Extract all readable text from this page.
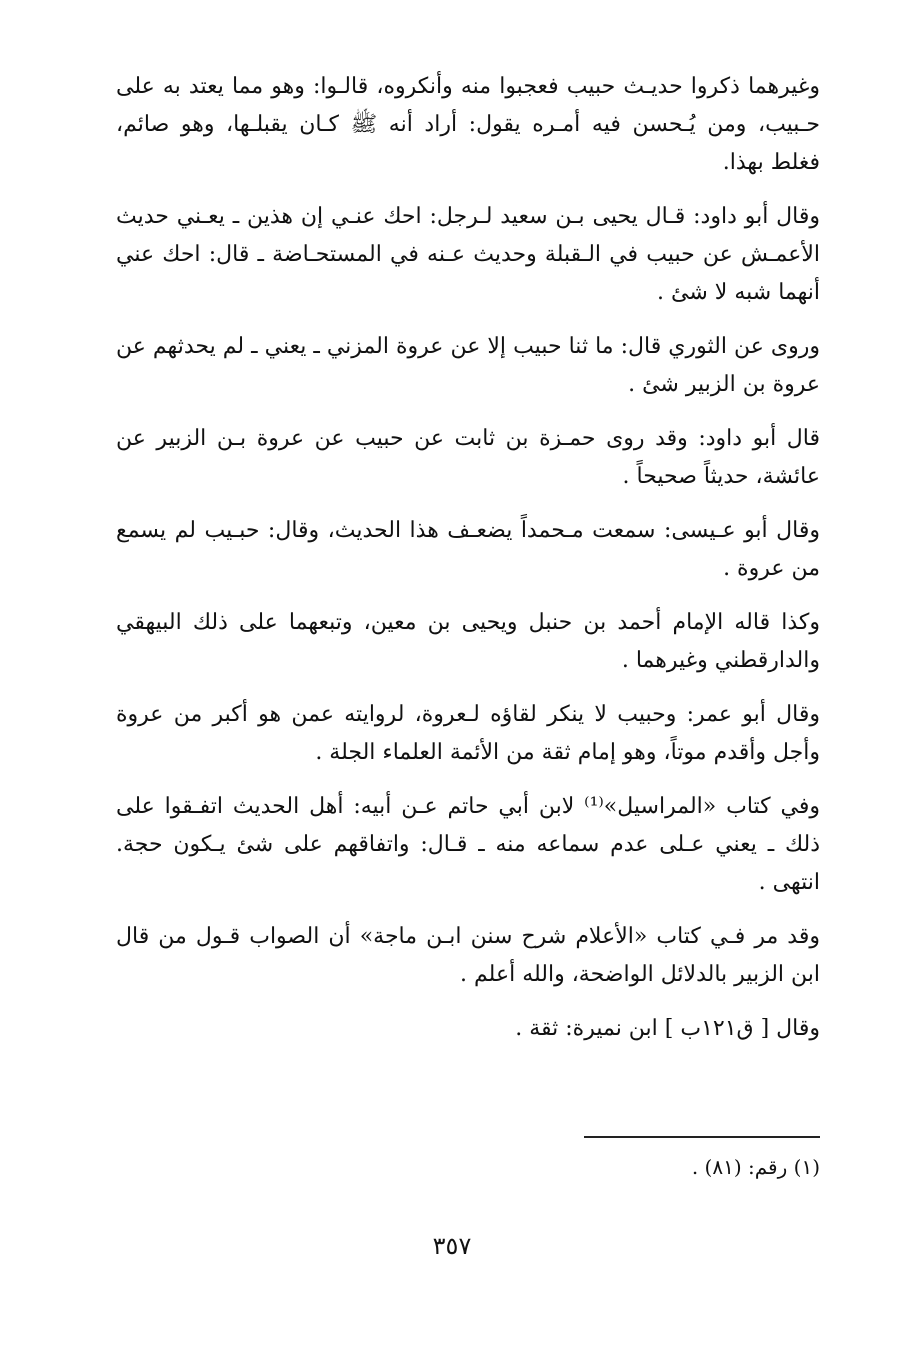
وغيرهما ذكروا حديـث حبيب فعجبوا منه وأنكروه، قالـوا: وهو مما يعتد به على حـبيب، ومن يُـحسن فيه أمـره يقول: أراد أنه ﷺ كـان يقبلـها، وهو صائم، فغلط بهذا.

وقال أبو داود: قـال يحيى بـن سعيد لـرجل: احك عنـي إن هذين ـ يعـني حديث الأعمـش عن حبيب في الـقبلة وحديث عـنه في المستحـاضة ـ قال: احك عني أنهما شبه لا شئ .

وروى عن الثوري قال: ما ثنا حبيب إلا عن عروة المزني ـ يعني ـ لم يحدثهم عن عروة بن الزبير شئ .

قال أبو داود: وقد روى حمـزة بن ثابت عن حبيب عن عروة بـن الزبير عن عائشة، حديثاً صحيحاً .

وقال أبو عـيسى: سمعت مـحمداً يضعـف هذا الحديث، وقال: حبـيب لم يسمع من عروة .

وكذا قاله الإمام أحمد بن حنبل ويحيى بن معين، وتبعهما على ذلك البيهقي والدارقطني وغيرهما .

وقال أبو عمر: وحبيب لا ينكر لقاؤه لـعروة، لروايته عمن هو أكبر من عروة وأجل وأقدم موتاً، وهو إمام ثقة من الأئمة العلماء الجلة .

وفي كتاب «المراسيل»⁽¹⁾ لابن أبي حاتم عـن أبيه: أهل الحديث اتفـقوا على ذلك ـ يعني عـلى عدم سماعه منه ـ قـال: واتفاقهم على شئ يـكون حجة. انتهى .

وقد مر فـي كتاب «الأعلام شرح سنن ابـن ماجة» أن الصواب قـول من قال ابن الزبير بالدلائل الواضحة، والله أعلم .

وقال [ ق١٢١ب ] ابن نميرة: ثقة .

(١) رقم: (٨١) .
٣٥٧
